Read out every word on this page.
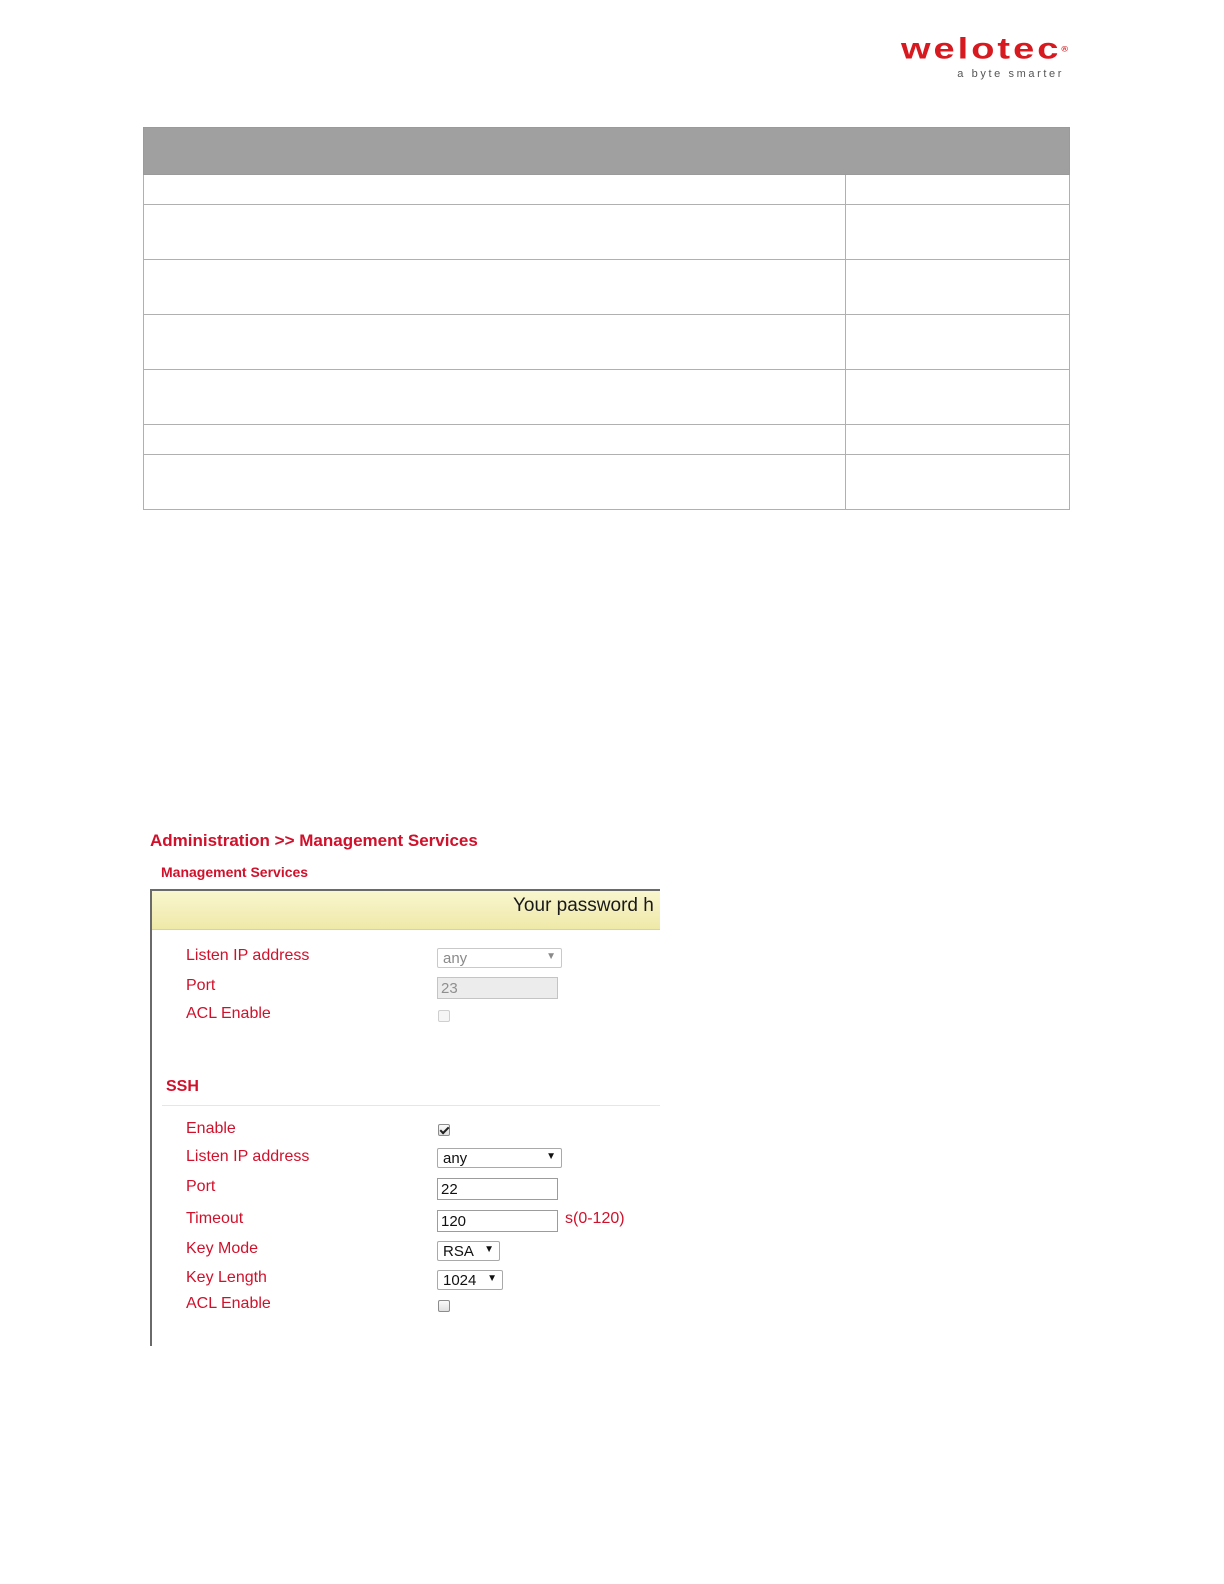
welotec®
a byte smarter

Administration >> Management Services
Management Services
Your password h
Listen IP address	any	▼
Port	23
ACL Enable
SSH
Enable
Listen IP address	any	▼
Port	22
Timeout	120	s(0-120)
Key Mode	RSA ▼
Key Length	1024 ▼
ACL Enable
